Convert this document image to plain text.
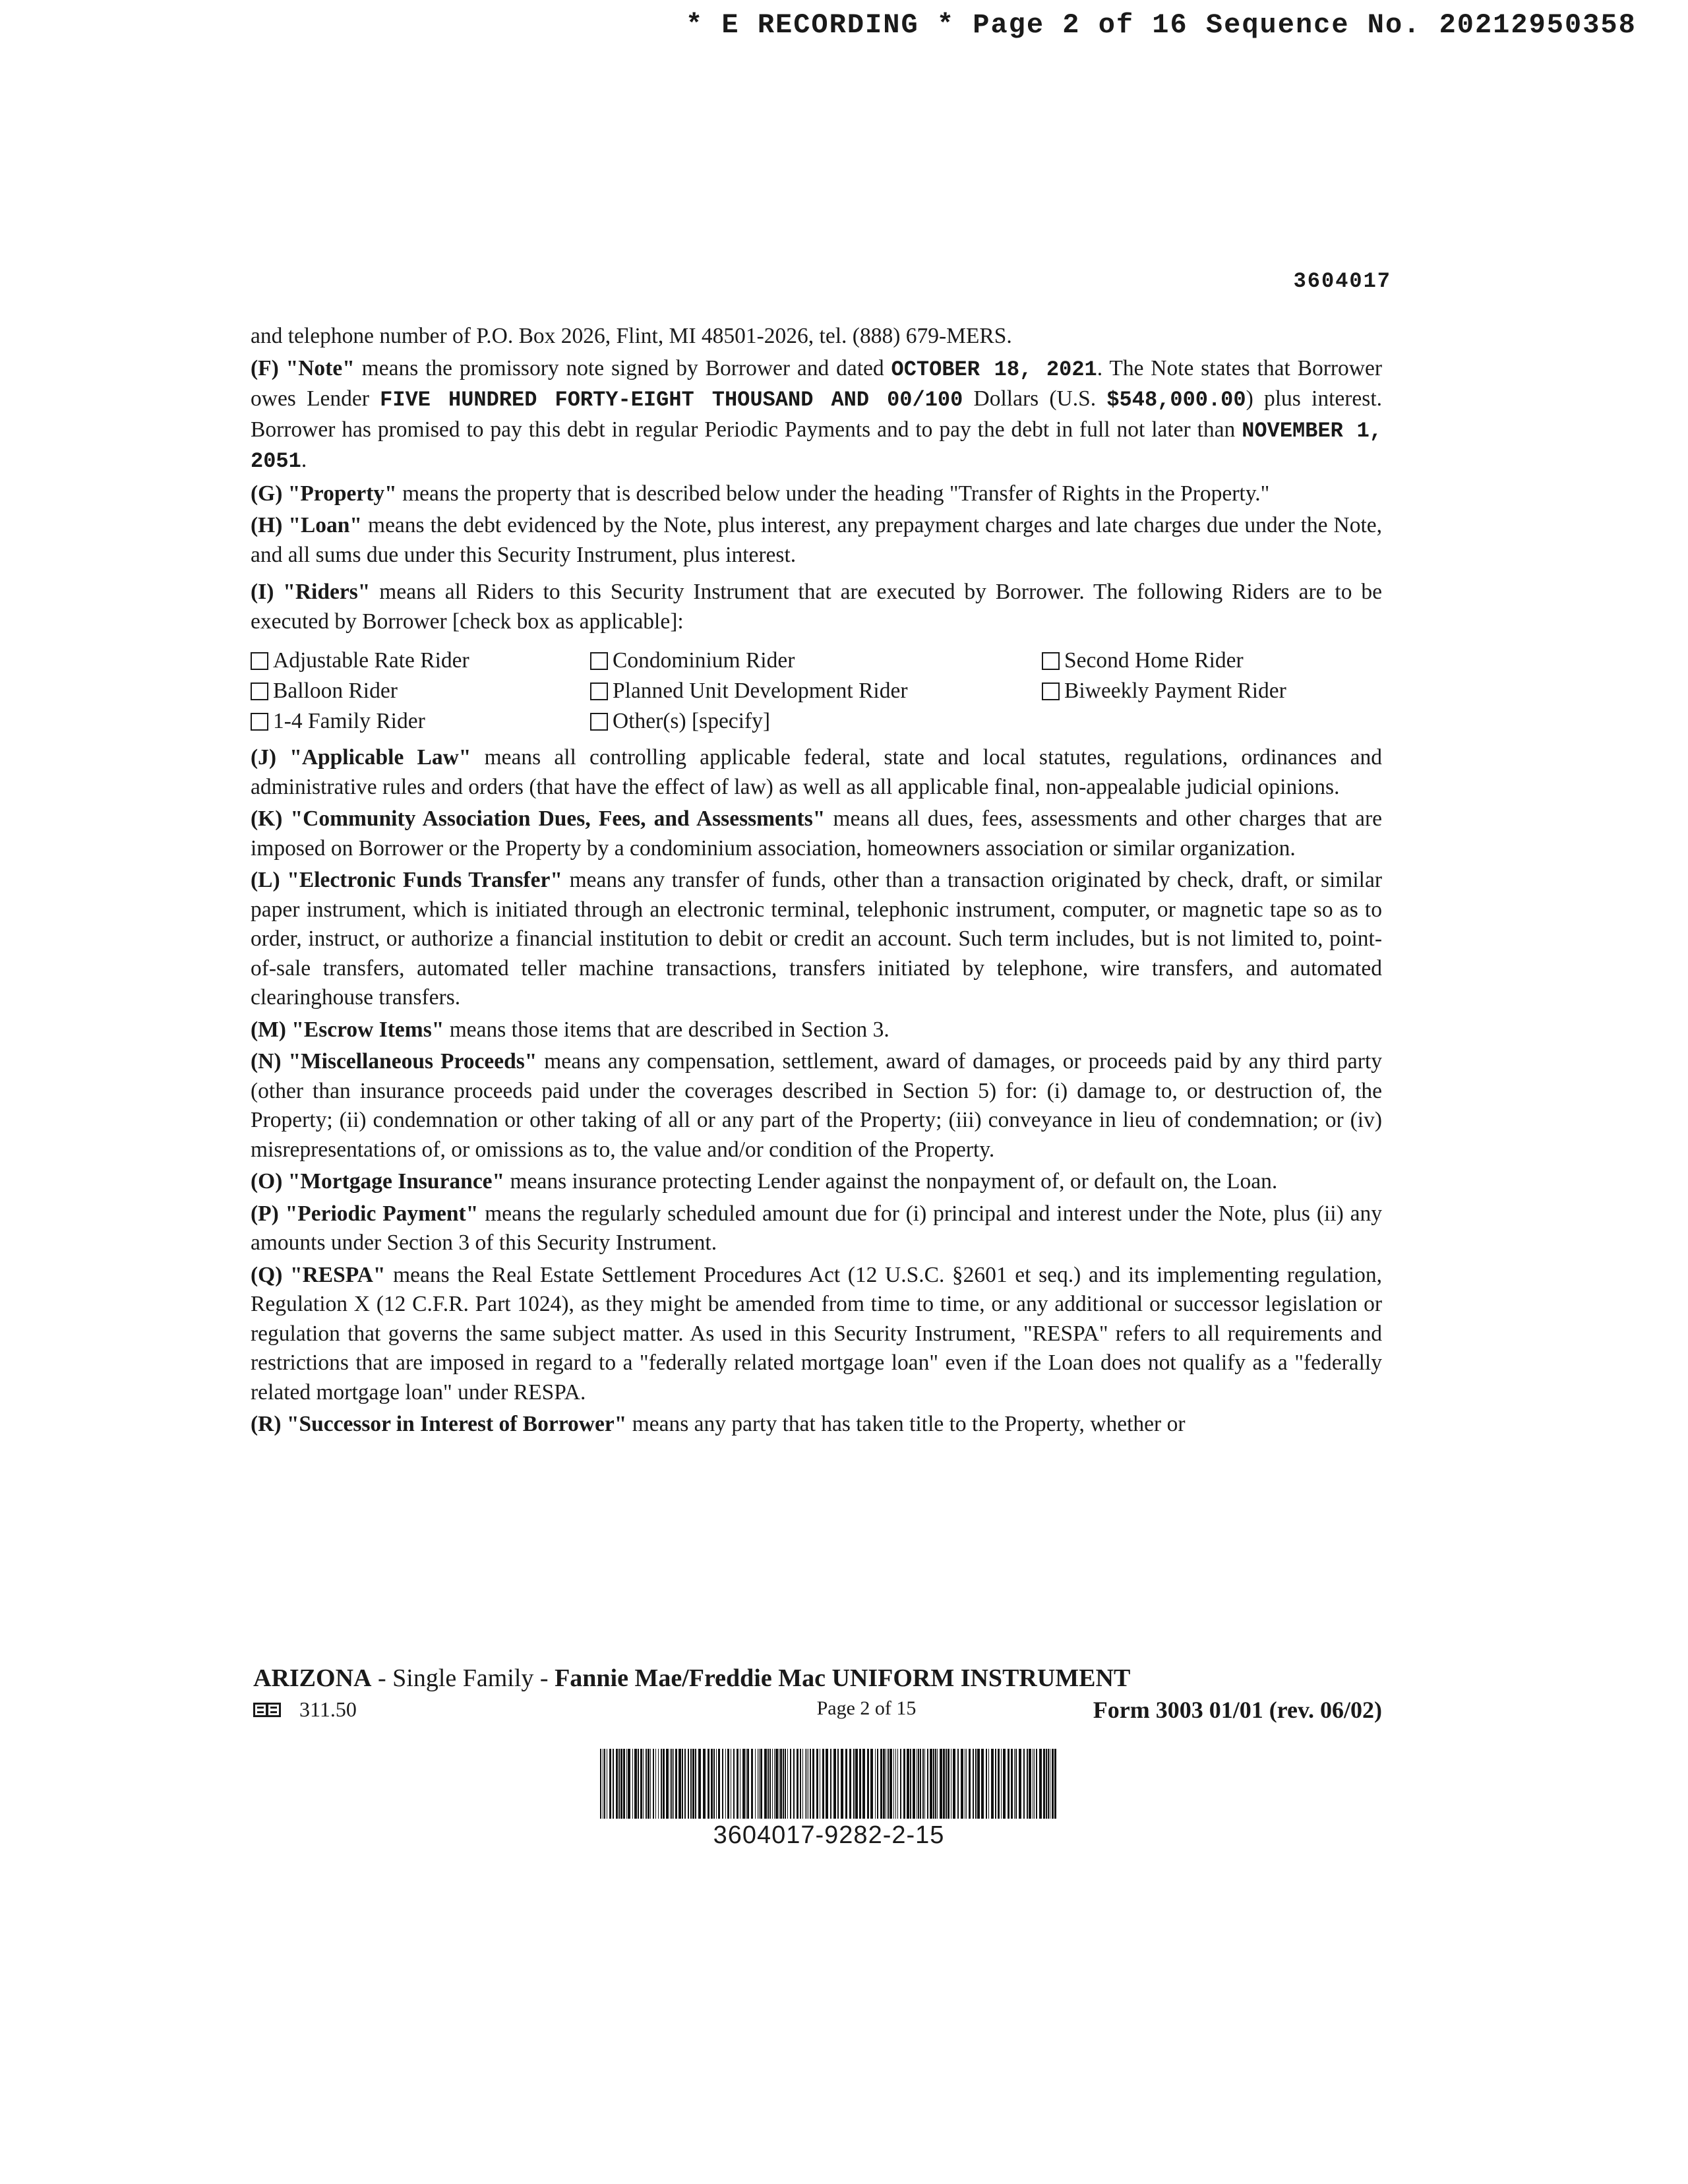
* E RECORDING * Page 2 of 16 Sequence No. 20212950358
3604017

and telephone number of P.O. Box 2026, Flint, MI 48501-2026, tel. (888) 679-MERS.

(F) "Note" means the promissory note signed by Borrower and dated OCTOBER 18, 2021. The Note states that Borrower owes Lender FIVE HUNDRED FORTY-EIGHT THOUSAND AND 00/100 Dollars (U.S. $548,000.00) plus interest. Borrower has promised to pay this debt in regular Periodic Payments and to pay the debt in full not later than NOVEMBER 1, 2051.

(G) "Property" means the property that is described below under the heading "Transfer of Rights in the Property."

(H) "Loan" means the debt evidenced by the Note, plus interest, any prepayment charges and late charges due under the Note, and all sums due under this Security Instrument, plus interest.

(I) "Riders" means all Riders to this Security Instrument that are executed by Borrower. The following Riders are to be executed by Borrower [check box as applicable]:

Adjustable Rate Rider	Condominium Rider	Second Home Rider
Balloon Rider	Planned Unit Development Rider	Biweekly Payment Rider
1-4 Family Rider	Other(s) [specify]

(J) "Applicable Law" means all controlling applicable federal, state and local statutes, regulations, ordinances and administrative rules and orders (that have the effect of law) as well as all applicable final, non-appealable judicial opinions.

(K) "Community Association Dues, Fees, and Assessments" means all dues, fees, assessments and other charges that are imposed on Borrower or the Property by a condominium association, homeowners association or similar organization.

(L) "Electronic Funds Transfer" means any transfer of funds, other than a transaction originated by check, draft, or similar paper instrument, which is initiated through an electronic terminal, telephonic instrument, computer, or magnetic tape so as to order, instruct, or authorize a financial institution to debit or credit an account. Such term includes, but is not limited to, point-of-sale transfers, automated teller machine transactions, transfers initiated by telephone, wire transfers, and automated clearinghouse transfers.

(M) "Escrow Items" means those items that are described in Section 3.

(N) "Miscellaneous Proceeds" means any compensation, settlement, award of damages, or proceeds paid by any third party (other than insurance proceeds paid under the coverages described in Section 5) for: (i) damage to, or destruction of, the Property; (ii) condemnation or other taking of all or any part of the Property; (iii) conveyance in lieu of condemnation; or (iv) misrepresentations of, or omissions as to, the value and/or condition of the Property.

(O) "Mortgage Insurance" means insurance protecting Lender against the nonpayment of, or default on, the Loan.

(P) "Periodic Payment" means the regularly scheduled amount due for (i) principal and interest under the Note, plus (ii) any amounts under Section 3 of this Security Instrument.

(Q) "RESPA" means the Real Estate Settlement Procedures Act (12 U.S.C. §2601 et seq.) and its implementing regulation, Regulation X (12 C.F.R. Part 1024), as they might be amended from time to time, or any additional or successor legislation or regulation that governs the same subject matter. As used in this Security Instrument, "RESPA" refers to all requirements and restrictions that are imposed in regard to a "federally related mortgage loan" even if the Loan does not qualify as a "federally related mortgage loan" under RESPA.

(R) "Successor in Interest of Borrower" means any party that has taken title to the Property, whether or

ARIZONA - Single Family - Fannie Mae/Freddie Mac UNIFORM INSTRUMENT
311.50	Page 2 of 15	Form 3003 01/01 (rev. 06/02)
3604017-9282-2-15
